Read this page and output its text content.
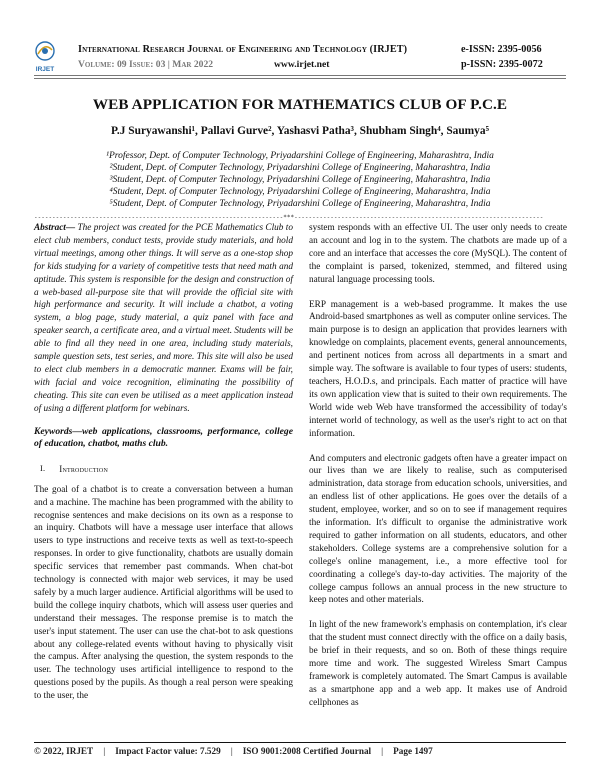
IRJET
International Research Journal of Engineering and Technology (IRJET)
Volume: 09 Issue: 03 | Mar 2022	www.irjet.net
e-ISSN: 2395-0056
p-ISSN: 2395-0072
WEB APPLICATION FOR MATHEMATICS CLUB OF P.C.E
P.J Suryawanshi¹, Pallavi Gurve², Yashasvi Patha³, Shubham Singh⁴, Saumya⁵
¹Professor, Dept. of Computer Technology, Priyadarshini College of Engineering, Maharashtra, India
²Student, Dept. of Computer Technology, Priyadarshini College of Engineering, Maharashtra, India
³Student, Dept. of Computer Technology, Priyadarshini College of Engineering, Maharashtra, India
⁴Student, Dept. of Computer Technology, Priyadarshini College of Engineering, Maharashtra, India
⁵Student, Dept. of Computer Technology, Priyadarshini College of Engineering, Maharashtra, India
---------------------------------------------------------------------***---------------------------------------------------------------------

Abstract— The project was created for the PCE Mathematics Club to elect club members, conduct tests, provide study materials, and hold virtual meetings, among other things. It will serve as a one-stop shop for kids studying for a variety of competitive tests that need math and aptitude. This system is responsible for the design and construction of a web-based all-purpose site that will provide the official site with high performance and security. It will include a chatbot, a voting system, a blog page, study material, a quiz panel with face and speaker search, a certificate area, and a virtual meet. Students will be able to find all they need in one area, including study materials, sample question sets, test series, and more. This site will also be used to elect club members in a democratic manner. Exams will be fair, with facial and voice recognition, eliminating the possibility of cheating. This site can even be utilised as a meet application instead of using a different platform for webinars.

Keywords—web applications, classrooms, performance, college of education, chatbot, maths club.

I. Introduction

The goal of a chatbot is to create a conversation between a human and a machine. The machine has been programmed with the ability to recognise sentences and make decisions on its own as a response to an inquiry. Chatbots will have a message user interface that allows users to type instructions and receive texts as well as text-to-speech responses. In order to give functionality, chatbots are usually domain specific services that remember past commands. When chat-bot technology is connected with major web services, it may be used safely by a much larger audience. Artificial algorithms will be used to build the college inquiry chatbots, which will assess user queries and understand their messages. The response premise is to match the user's input statement. The user can use the chat-bot to ask questions about any college-related events without having to physically visit the campus. After analysing the question, the system responds to the user. The technology uses artificial intelligence to respond to the questions posed by the pupils. As though a real person were speaking to the user, the

system responds with an effective UI. The user only needs to create an account and log in to the system. The chatbots are made up of a core and an interface that accesses the core (MySQL). The content of the complaint is parsed, tokenized, stemmed, and filtered using natural language processing tools.

ERP management is a web-based programme. It makes the use Android-based smartphones as well as computer online services. The main purpose is to design an application that provides learners with knowledge on complaints, placement events, general announcements, and pertinent notices from across all departments in a smart and simple way. The software is available to four types of users: students, teachers, H.O.D.s, and principals. Each matter of practice will have its own application view that is suited to their own requirements. The World wide web Web have transformed the accessibility of today's internet world of technology, as well as the user's right to act on that information.

And computers and electronic gadgets often have a greater impact on our lives than we are likely to realise, such as computerised administration, data storage from education schools, universities, and an endless list of other applications. He goes over the details of a student, employee, worker, and so on to see if management requires the information. It's difficult to organise the administrative work required to gather information on all students, educators, and other stakeholders. College systems are a comprehensive solution for a college's online management, i.e., a more effective tool for coordinating a college's day-to-day activities. The majority of the college campus follows an annual process in the new structure to keep notes and other materials.

In light of the new framework's emphasis on contemplation, it's clear that the student must connect directly with the office on a daily basis, be brief in their requests, and so on. Both of these things require more time and work. The suggested Wireless Smart Campus framework is completely automated. The Smart Campus is available as a smartphone app and a web app. It makes use of Android cellphones as

© 2022, IRJET | Impact Factor value: 7.529 | ISO 9001:2008 Certified Journal | Page 1497
